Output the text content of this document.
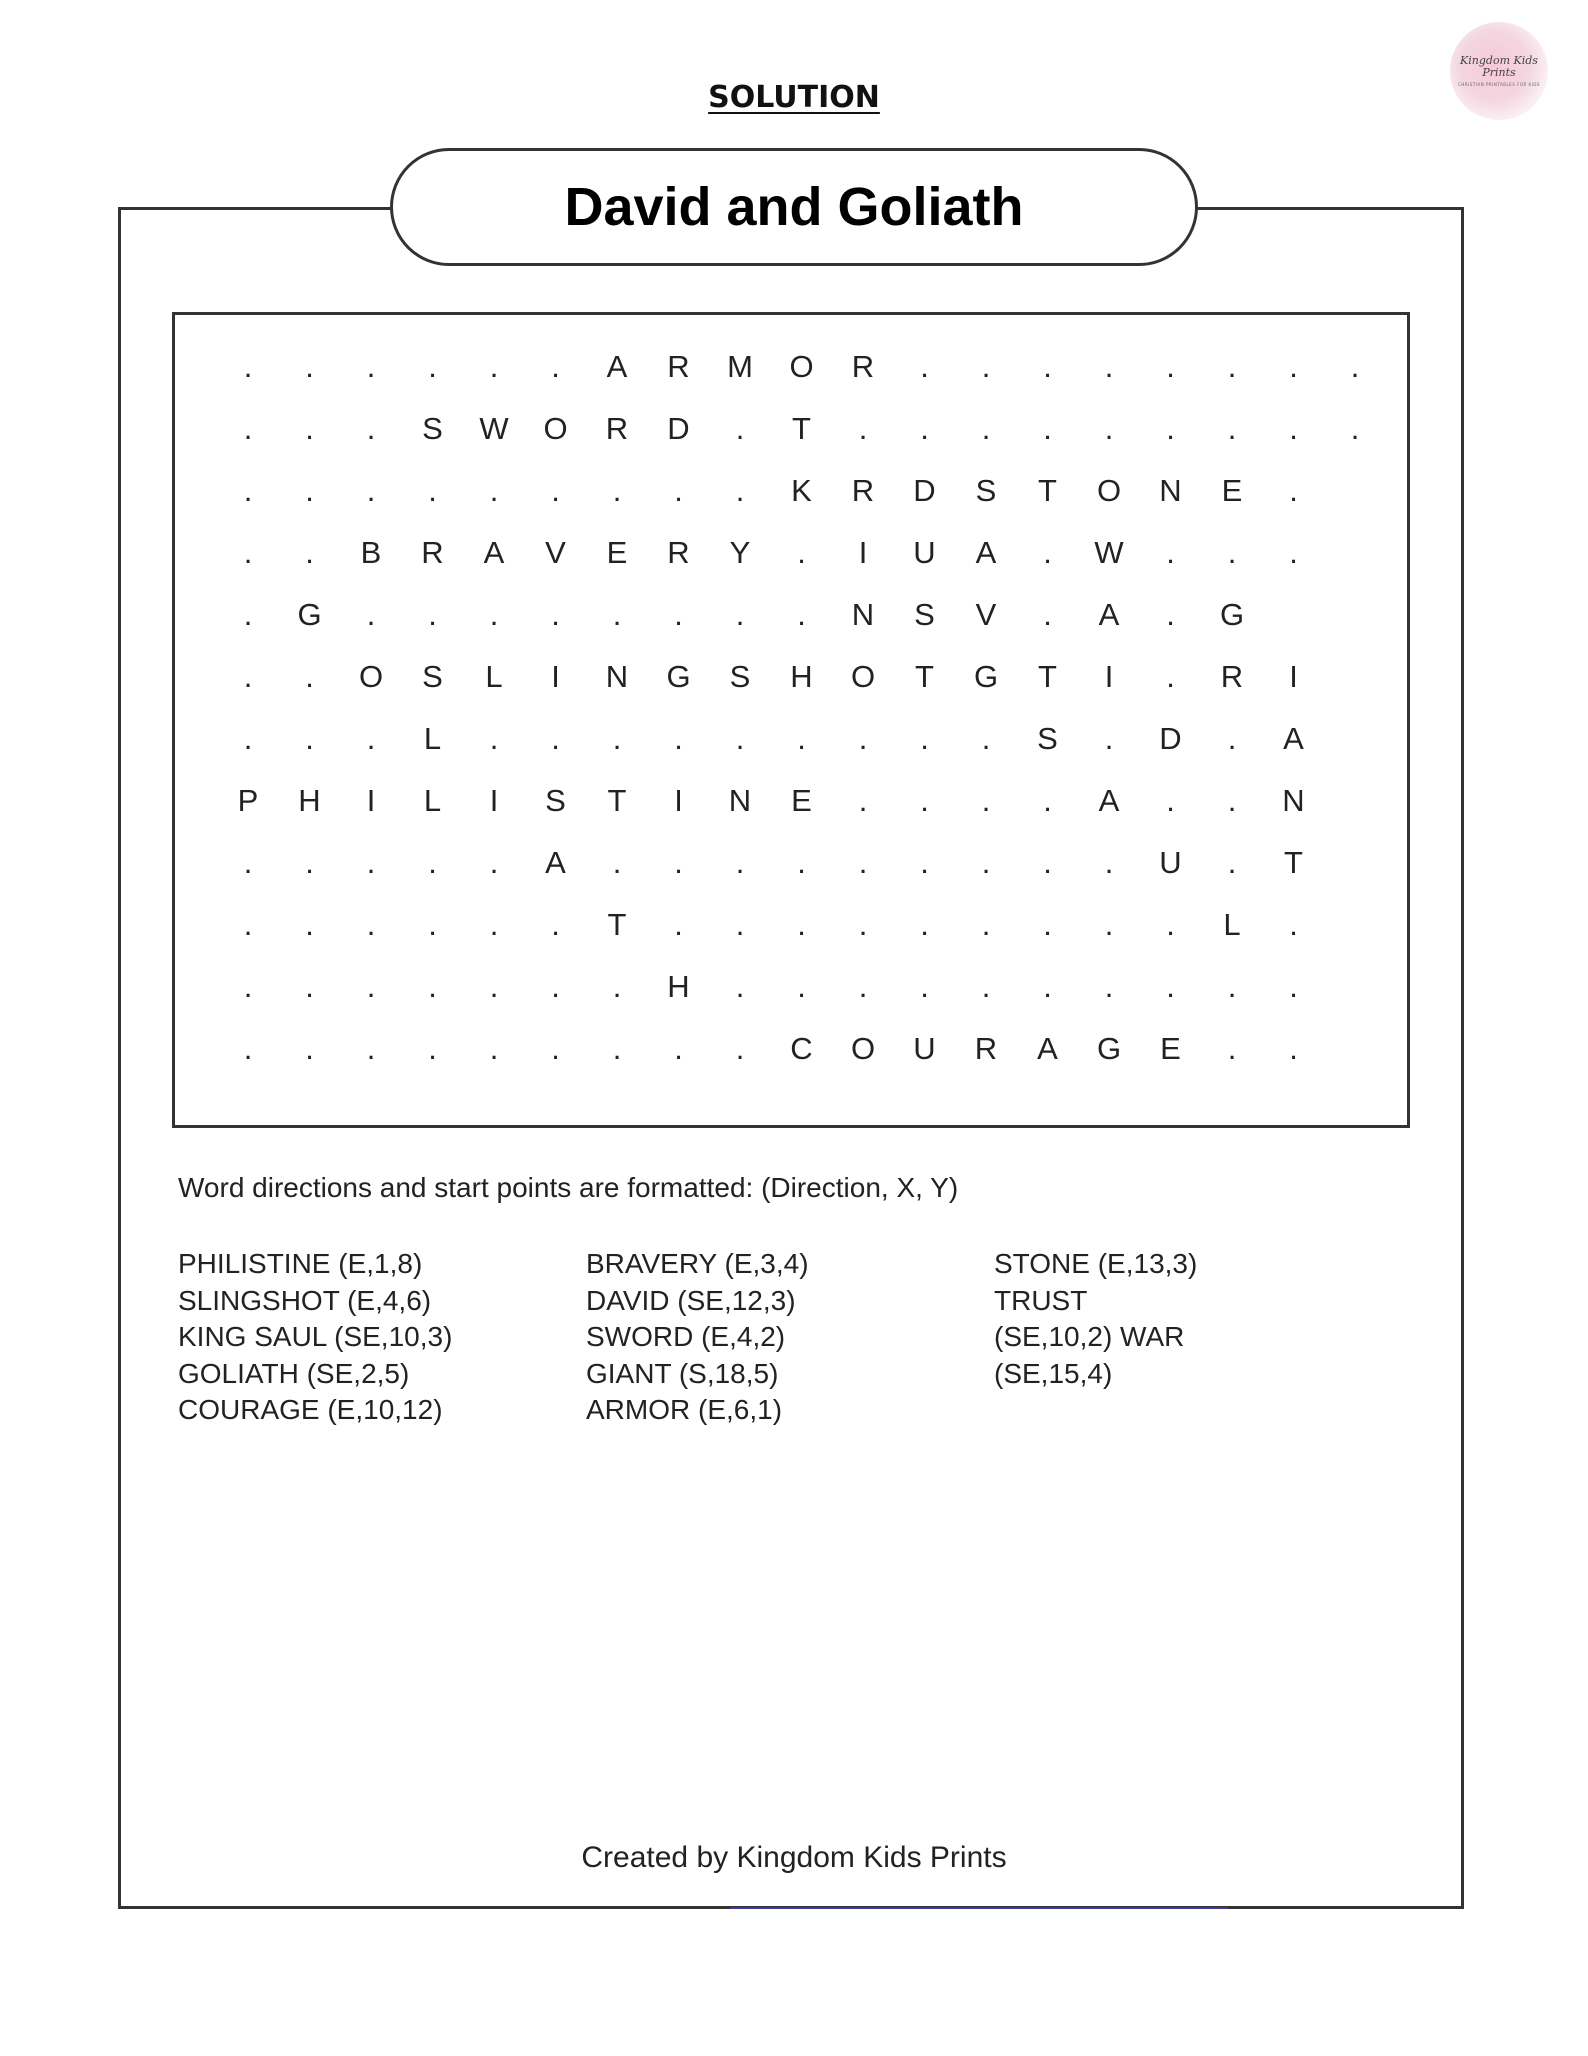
Kingdom Kids Prints
CHRISTIAN PRINTABLES FOR KIDS
SOLUTION
David and Goliath
.	.	.	.	.	.	A	R	M	O	R	.	.	.	.	.	.	.	.
.	.	.	S	W	O	R	D	.	T	.	.	.	.	.	.	.	.	.
.	.	.	.	.	.	.	.	.	K	R	D	S	T	O	N	E	.
.	.	B	R	A	V	E	R	Y	.	I	U	A	.	W	.	.	.
.	G	.	.	.	.	.	.	.	.	N	S	V	.	A	.	G
.	.	O	S	L	I	N	G	S	H	O	T	G	T	I	.	R	I
.	.	.	L	.	.	.	.	.	.	.	.	.	S	.	D	.	A
P	H	I	L	I	S	T	I	N	E	.	.	.	.	A	.	.	N
.	.	.	.	.	A	.	.	.	.	.	.	.	.	.	U	.	T
.	.	.	.	.	.	T	.	.	.	.	.	.	.	.	.	L	.
.	.	.	.	.	.	.	H	.	.	.	.	.	.	.	.	.	.
.	.	.	.	.	.	.	.	.	C	O	U	R	A	G	E	.	.
Word directions and start points are formatted: (Direction, X, Y)
PHILISTINE (E,1,8)
SLINGSHOT (E,4,6)
KING SAUL (SE,10,3)
GOLIATH (SE,2,5)
COURAGE (E,10,12)
BRAVERY (E,3,4)
DAVID (SE,12,3)
SWORD (E,4,2)
GIANT (S,18,5)
ARMOR (E,6,1)
STONE (E,13,3)
TRUST
(SE,10,2) WAR
(SE,15,4)
Created by Kingdom Kids Prints
